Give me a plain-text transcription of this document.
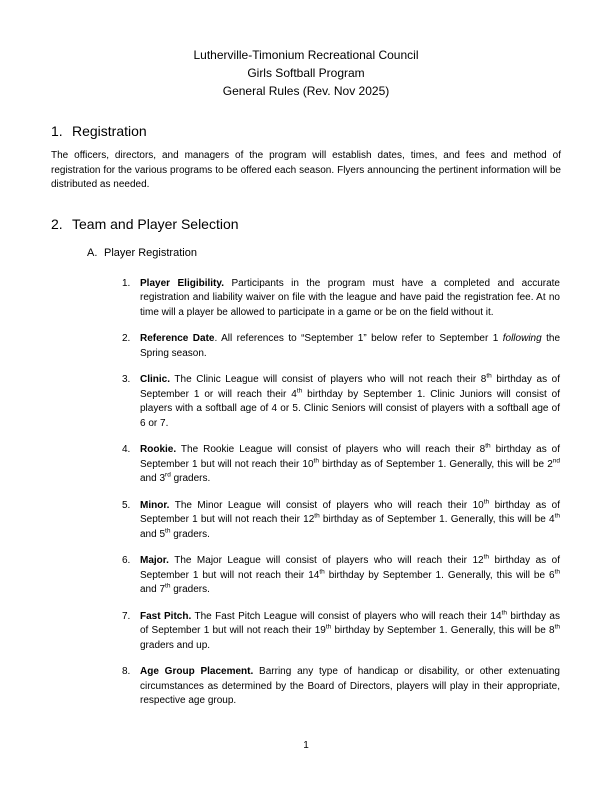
Lutherville-Timonium Recreational Council
Girls Softball Program
General Rules (Rev. Nov 2025)
1. Registration
The officers, directors, and managers of the program will establish dates, times, and fees and method of registration for the various programs to be offered each season. Flyers announcing the pertinent information will be distributed as needed.
2. Team and Player Selection
A. Player Registration
1. Player Eligibility. Participants in the program must have a completed and accurate registration and liability waiver on file with the league and have paid the registration fee. At no time will a player be allowed to participate in a game or be on the field without it.
2. Reference Date. All references to “September 1” below refer to September 1 following the Spring season.
3. Clinic. The Clinic League will consist of players who will not reach their 8th birthday as of September 1 or will reach their 4th birthday by September 1. Clinic Juniors will consist of players with a softball age of 4 or 5. Clinic Seniors will consist of players with a softball age of 6 or 7.
4. Rookie. The Rookie League will consist of players who will reach their 8th birthday as of September 1 but will not reach their 10th birthday as of September 1. Generally, this will be 2nd and 3rd graders.
5. Minor. The Minor League will consist of players who will reach their 10th birthday as of September 1 but will not reach their 12th birthday as of September 1. Generally, this will be 4th and 5th graders.
6. Major. The Major League will consist of players who will reach their 12th birthday as of September 1 but will not reach their 14th birthday by September 1. Generally, this will be 6th and 7th graders.
7. Fast Pitch. The Fast Pitch League will consist of players who will reach their 14th birthday as of September 1 but will not reach their 19th birthday by September 1. Generally, this will be 8th graders and up.
8. Age Group Placement. Barring any type of handicap or disability, or other extenuating circumstances as determined by the Board of Directors, players will play in their appropriate, respective age group.
1
